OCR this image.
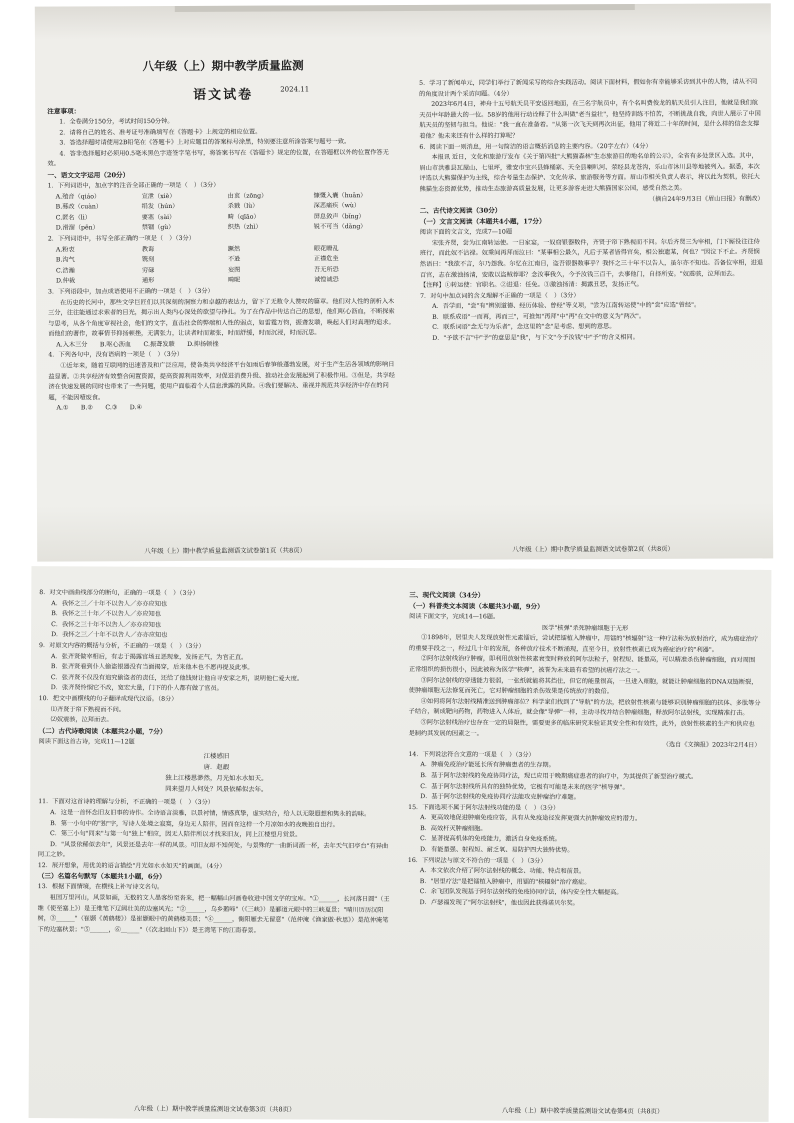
八年级（上）期中教学质量监测
语文试卷	2024.11

注意事项：

1．全卷满分150分，考试时间150分钟。

2．请将自己的姓名、准考证号准确填写在《答题卡》上规定的相应位置。

3．答选择题时请使用2B铅笔在《答题卡》上对应题目的答案标号涂黑，特别要注意所涂答案与题号一致。

4．答非选择题时必须用0.5毫米黑色字迹签字笔书写，将答案书写在《答题卡》规定的位置，在答题框以外的位置作答无效。

一、语文文字运用（20分）

1．下列词语中，加点字的注音全部正确的一项是（　）（3分）

A.殖音（qiáo）	宣泄（xiè）	由衷（zōng）	慷慨入囊（huān）
B.蓦改（cuàn）	绢发（hún）	杀戮（lù）	深恶痛疾（wù）
C.匿名（lì）	要塞（sài）	畸（qīāo）	屏息敛声（bǐng）
D.滑溜（pēn）	禁锢（gù）	织热（zhì）	锐不可当（dǎng）

2．下列词语中，书写全部正确的一项是（　）（3分）

A.粉衷	教诲	蹶然	眼花瞭乱
B.沟气	镌刻	不逊	正襟危坐
C.浩瀚	穷碌	妄图	吾无所恐
D.仲裁	通形	畸昵	诚惶诚恐

3．下列语段中，加点成语使用不正确的一项是（　）（3分）

在历史的长河中，那些文学巨匠们以其深刻的洞察力和卓越的表达力，留下了无数令人赞叹的篇章。他们对人性的剖析入木三分，往往能通过求索者的目光，揭示出人类内心深处的欲望与挣扎。为了在作品中传达自己的思想，他们呕心沥血，不断探索与思考，从各个角度审视社会，他们的文字，直击社会的弊端和人性的弱点，如雷霆万钧，振聋发聩，唤起人们对真理的追求。而他们的著作，故事情节抑扬顿挫，无满张力，让读者时而紧张，时而舒缓，时而沉浸，时而沉思。

A.入木三分　　B.呕心沥血　　C.振聋发聩　　D.抑扬顿挫

4．下列各句中，没有语病的一项是（　）（3分）

①近年来，随着互联网的迅速普及和广泛应用，使各类共享经济平台如雨后春笋般蓬勃发展，对于生产生活各领域的影响日益显著。②共享经济有效整合闲置资源，提高资源利用效率，对促进消费升级、推动社会发展起到了积极作用。③但是，共享经济在快速发展的同时也带来了一些问题，使用户面临着个人信息泄露的风险。④我们要解决、重视并规范共享经济中存在的问题，不能因噎废食。

A.①　　B.②　　C.③　　D.④

八年级（上）期中教学质量监测语文试卷第1页（共8页）

5．学习了新闻单元，同学们举行了新闻采写的综合实践活动。阅读下面材料，假如你有幸能够采访到其中的人物，请从不同的角度设计两个采访问题。（4分）

2023年6月4日，神舟十五号航天员平安返回地面，在三名宇航员中，有个名叫费俊龙的航天员引人注目，他就是我们航天员中年龄最大的一位。58岁的他用行动诠释了什么叫做"老当益壮"，他坚持训练不怕苦，不断挑战自我，向世人展示了中国航天员的坚韧与担当。他说："我一直在准备着。"从第一次飞天到再次出征，他用了将近二十年的时间，是什么样的信念支撑着他？他未来还有什么样的打算呢？

6．阅读下面一则消息，用一句简洁的语言概括消息的主要内容。（20字左右）（4分）

本报讯 近日，文化和旅游厅发布《关于第四批"大熊猫森林"生态旅游目的地名单的公示》，全省有多处景区入选。其中，眉山市洪雅县瓦屋山、七里坪，雅安市宝兴县蜂桶寨、天全县喇叭河、荥经县龙苍沟，乐山市沐川县等地被列入。据悉，本次评选以大熊猫保护为主线，综合考量生态保护、文化传承、旅游服务等方面。眉山市相关负责人表示，将以此为契机，依托大熊猫生态资源优势，推动生态旅游高质量发展，让更多游客走进大熊猫国家公园，感受自然之美。

（摘自24年9月3日《眉山日报》有删改）

二、古代诗文阅读（30分）

（一）文言文阅读（本题共4小题，17分）

阅读下面的文言文，完成7—10题

宋张齐贤，尝为江南转运使。一日家宴，一奴窃银器数件，齐贤于帘下熟视而不问。尔后齐贤三为宰相，门下厮役往往侍班行，而此奴不沾禄。奴乘间再拜而泣曰："某事相公最久，凡后于某者皆得官矣，相公独遗某，何也？"因泣下不止。齐贤悯然语曰："我欲不言，尔乃怨我。尔忆在江南日，盗吾银器数事乎？我怀之三十年不以告人，虽尔亦不知也。吾备位宰相，进退百官，志在激浊扬清，安敢以盗贼荐耶？念汝事我久，今予汝钱三百千，去事他门，自择所安。"奴震骇，泣拜而去。

【注释】①转运使：官职名。②进退：任免。③激浊扬清：揭露丑恶，发扬正气。

7．对句中加点词的含义理解不正确的一项是（　）（3分）

A．吾学而，"尝"有"辨别道德、经历体验、曾经"等义项，"尝为江南转运使"中的"尝"应选"曾经"。

B．联系成语"一而再，再而三"，可推知"再拜"中"再"在文中的意义为"两次"。

C．联系词语"念无与为乐者"，念这里的"念"是考虑、想到的意思。

D．"予欲不言"中"予"的意思是"我"，与下文"今予汝钱"中"予"的含义相同。

八年级（上）期中教学质量监测语文试卷第2页（共8页）

8．对文中画曲线部分的断句，正确的一项是（　）（3分）

A．我怀之三／十年不以告人／亦亦应知也

B．我怀之三十年／不以告人／亦应知也

C．我怀之三十年不以告人／亦亦应知也

D．我怀之三／十年不以告人／亦亦应知也

9．对原文内容的概括与分析，不正确的一项是（　）（3分）

A．张齐贤做宰相后，有志于揭露官场丑恶现象，发扬正气，为官正直。

B．张齐贤看到仆人偷盗银器没有当面揭穿，后来他本也不愿再提及此事。

C．张齐贤不仅没有追究偷盗者的责任，还给了他钱财让他自寻安家之所，说明他仁爱大度。

D．张齐贤怜悯它不改，宽宏大量，门下的仆人都有做了官员。

10．把文中画横线的句子翻译成现代汉语。（8分）

⑴齐贤于帘下熟视而不问。

⑵奴震骇，泣拜而去。

（二）古代诗歌阅读（本题共2小题，7分）

阅读下面这首古诗，完成11—12题

江楼感旧
唐．赵嘏
独上江楼思渺然，月光如水水如天。
同来望月人何处？风景依稀似去年。

11．下面对这首诗的理解与分析，不正确的一项是（　）（3分）

A．这是一首怀念旧友旧事的诗作。全诗语言淡雅，以景衬情，情感真挚，虚实结合，给人以无限遐想和隽永的韵味。

B．第一小句中的"独"字，写诗人处境之寂寞，身边无人陪伴，因而在这样一个月凉如水的夜晚独自出行。

C．第三小句"同来"与第一句"独上"相应，因无人陪伴所以才找来旧友，同上江楼望月赏景。

D．"风景依稀似去年"，风景还是去年一样的风景。可旧友却不知何处，与景殊的"一曲新词酒一杯，去年天气旧亭台"有异曲同工之妙。

12．展开想象，用优美的语言描绘"月光如水水如天"的画面。（4分）

（三）名篇名句默写（本题共1小题，6分）

13．根据下面情境，在横线上补写诗文名句。

祖国万里河山，风景如画，无数的文人墨客纷至沓来，把一幅幅山河画卷收进中国文学的宝库。"①______，长河落日圆"（王维《使至塞上》）是王维笔下辽阔壮美的边塞风光；"②______，乌乡鹅啼"（《三峡》）是郦道元眼中的三峡夏景；"晴川历历汉阳树，③______"（崔颢《黄鹤楼》）是崔颢眼中的黄鹤楼美景；"④______，衡阳雁去无留意"（范仲淹《渔家傲·秋思》）是范仲淹笔下的边塞秋景；"⑤______，⑥______"（《次北固山下》）是王湾笔下的江南春景。

八年级（上）期中教学质量监测语文试卷第3页（共8页）

三、现代文阅读（34分）

（一）科普类文本阅读（本题共3小题，9分）

阅读下面文字，完成14—16题。

医学"核弹"杀死肿瘤细胞于无形

①1898年，居里夫人发现放射性元素镭后，尝试把镭植入肿瘤中，用镭的"核辐射"这一种疗法称为放射治疗，成为癌症治疗的重要手段之一，经过几十年的发展，各种放疗技术不断涌现，直至今日，放射性核素已成为癌症治疗的"利器"。

②阿尔法射线治疗肿瘤，即利用放射性核素衰变时释放的阿尔法粒子，射程短、能量高，可以精准杀伤肿瘤细胞，而对周围正常组织的损伤很小，因此被称为医学"核弹"，被誉为未来最有希望的抗癌疗法之一。

③阿尔法射线的穿透能力很弱，一张纸就能将其挡住，但它的能量很高，一旦进入细胞，就能让肿瘤细胞的DNA双链断裂，使肿瘤细胞无法修复而死亡，它对肿瘤细胞的杀伤效果是传统放疗的数倍。

④如何将阿尔法射线精准送到肿瘤部位？科学家们找到了"导航"的方法，把放射性核素与能够识别肿瘤细胞的抗体、多肽等分子结合，制成靶向药物，药物进入人体后，就会像"导弹"一样，主动寻找并结合肿瘤细胞，释放阿尔法射线，实现精准打击。

⑤阿尔法射线治疗也存在一定的局限性，需要更多的临床研究来验证其安全性和有效性，此外，放射性核素的生产和供应也是制约其发展的因素之一。

（选自《文摘报》2023年2月4日）

14．下列说法符合文意的一项是（　）（3分）

A．肿瘤免疫治疗能延长所有肿瘤患者的生存期。

B．基于阿尔法射线的免疫协同疗法，现已应用于晚期癌症患者的治疗中，为其提供了新型治疗模式。

C．基于阿尔法射线所具有的独特优势，它极有可能是未来的医学"核导弹"。

D．基于阿尔法射线的免疫协同疗法能攻克肿瘤治疗难题。

15．下面选项不属于阿尔法射线功能的是（　）（3分）

A．更高效地促进肿瘤免疫应答，具有从免疫途径发挥更强大抗肿瘤效应的潜力。

B．高效杆灭肿瘤细胞。

C．显著提高机体的免疫能力，激活自身免疫系统。

D．有能量强、射程短、耐乏氧、易防护四大独特优势。

16．下列说法与原文不符合的一项是（　）（3分）

A．本文依次介绍了阿尔法射线的概念、功能、特点和前景。

B．"居里疗法"是把镭植入肿瘤中，用镭的"核辐射"治疗癌症。

C．余飞团队发现基于阿尔法射线的免疫协同疗法，体内安全性大幅提高。

D．卢瑟福发现了"阿尔法射线"，他也因此获得诺贝尔奖。

八年级（上）期中教学质量监测语文试卷第4页（共8页）
